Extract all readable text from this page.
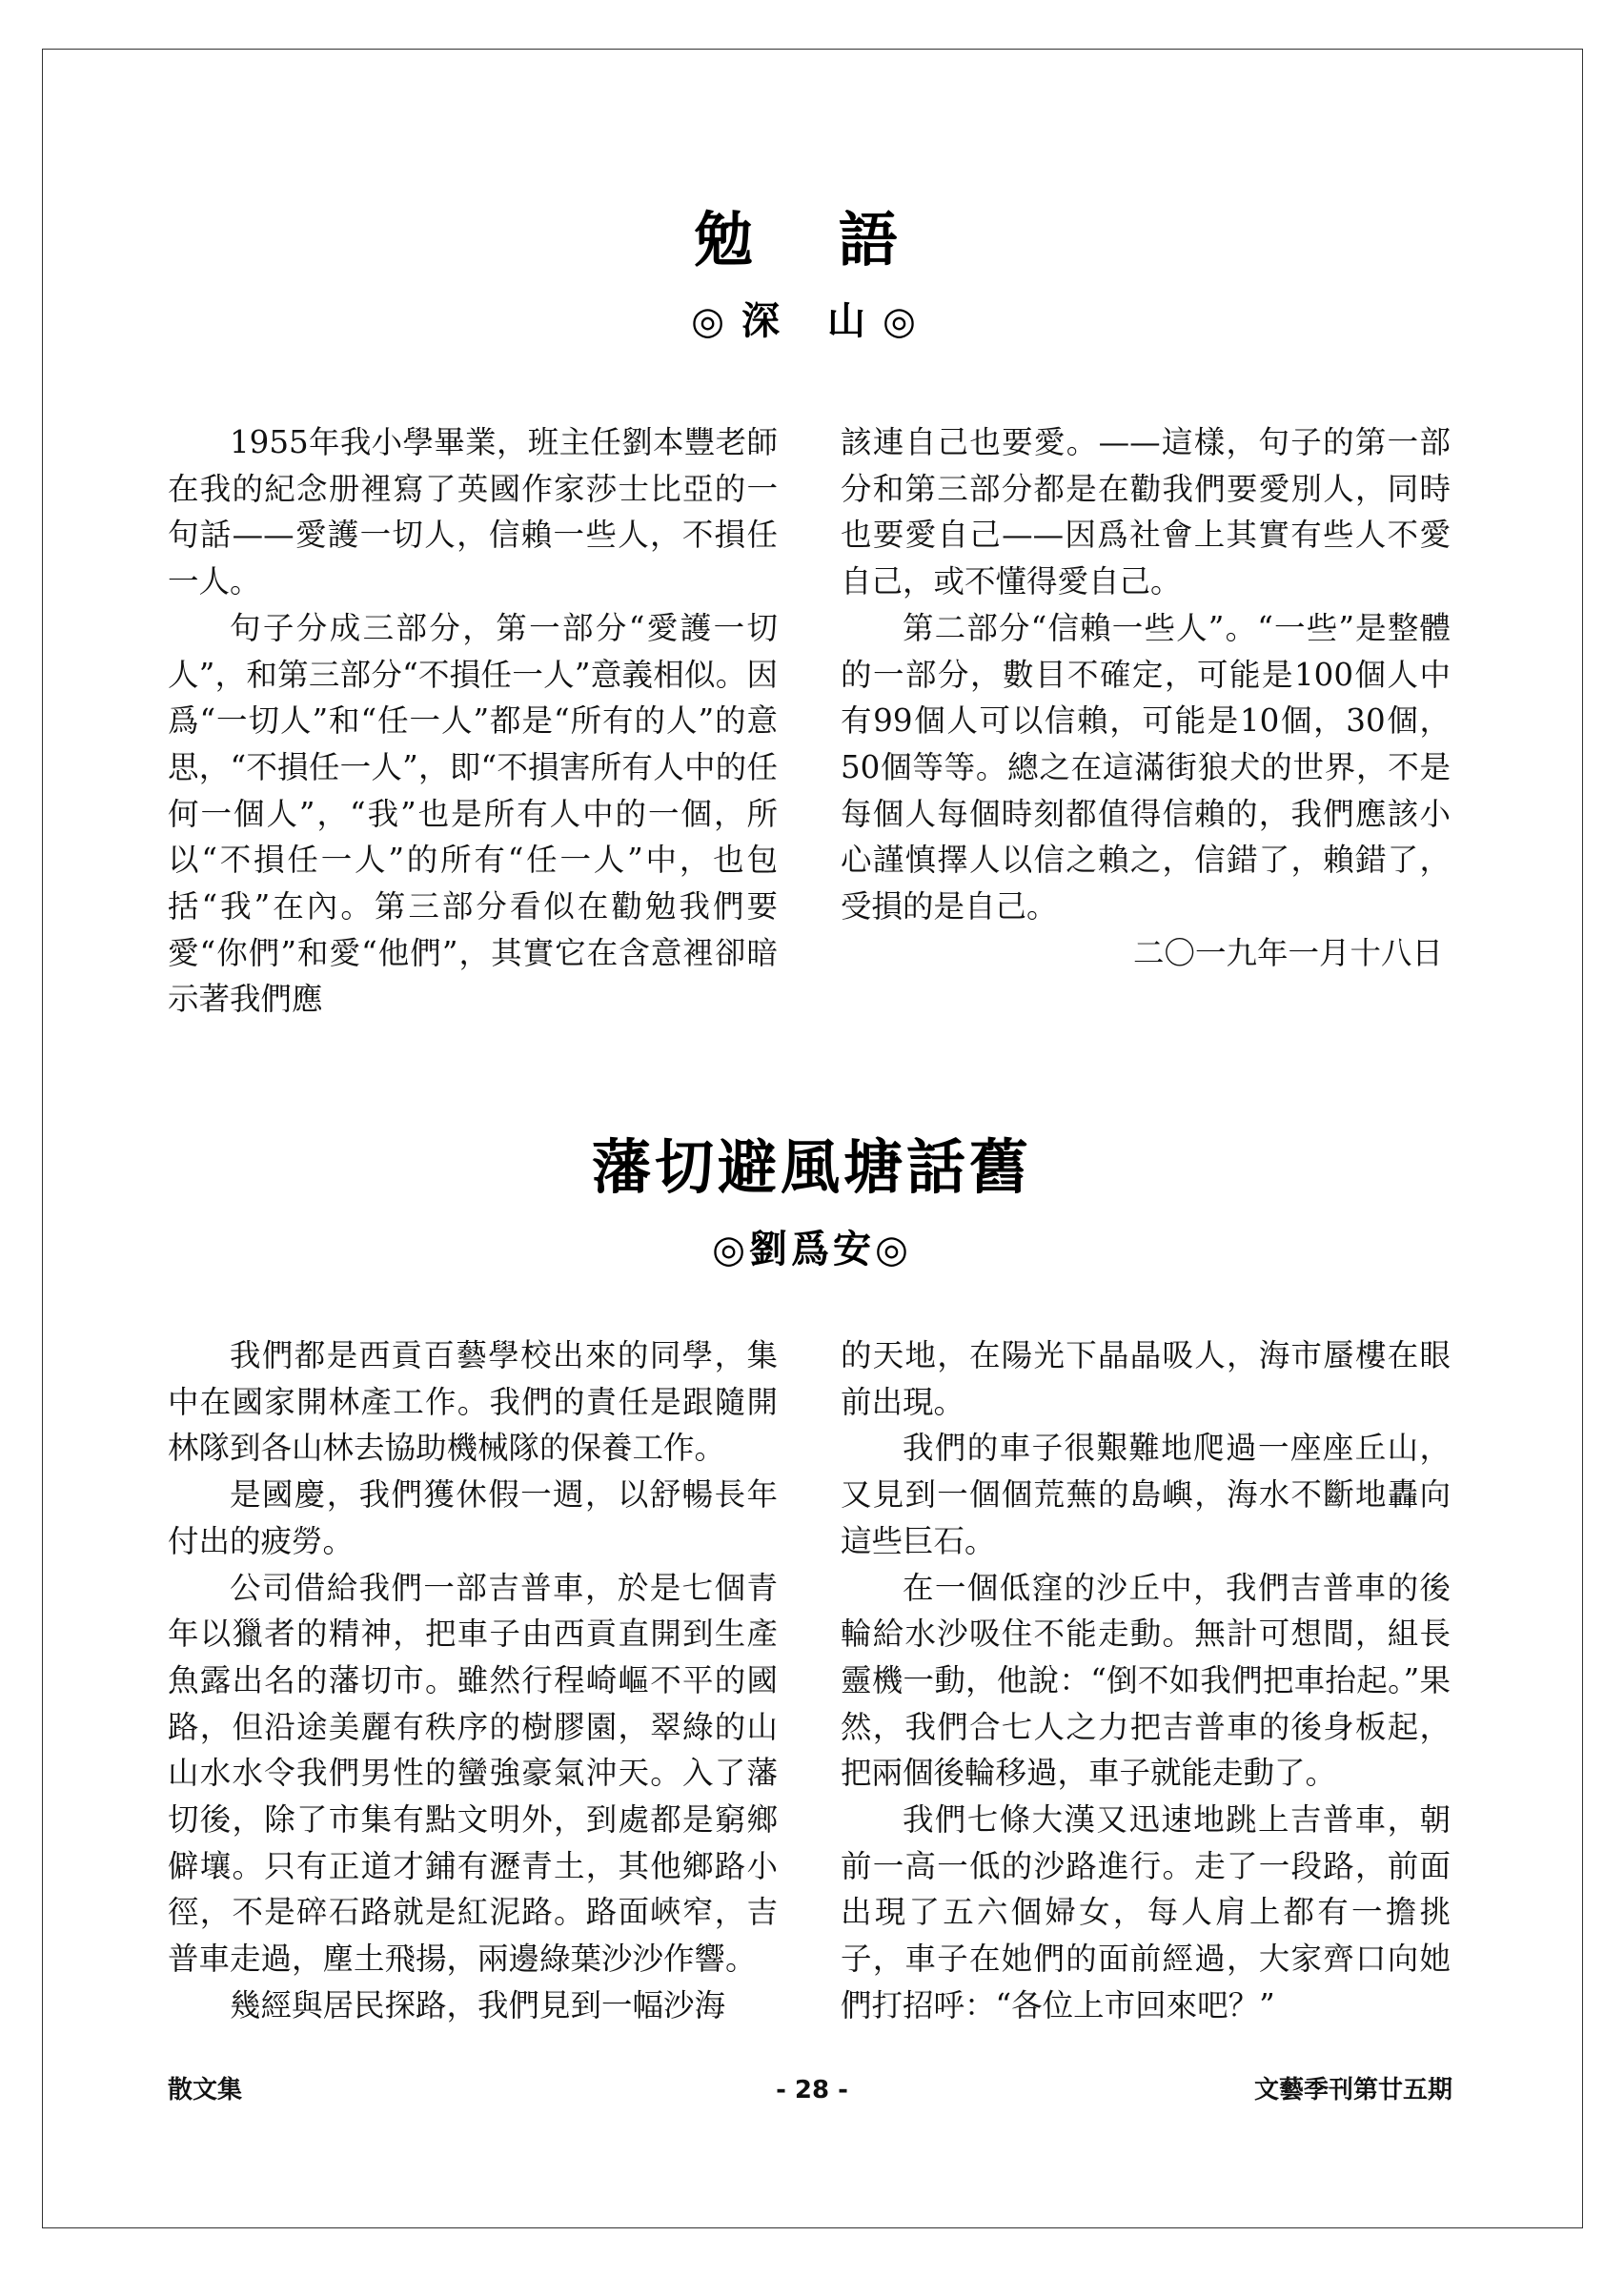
勉 語
◎深 山◎

1955年我小學畢業，班主任劉本豐老師在我的紀念册裡寫了英國作家莎士比亞的一句話——愛護一切人，信賴一些人，不損任一人。

句子分成三部分，第一部分“愛護一切人”，和第三部分“不損任一人”意義相似。因爲“一切人”和“任一人”都是“所有的人”的意思，“不損任一人”，即“不損害所有人中的任何一個人”，“我”也是所有人中的一個，所以“不損任一人”的所有“任一人”中，也包括“我”在內。第三部分看似在勸勉我們要愛“你們”和愛“他們”，其實它在含意裡卻暗示著我們應

該連自己也要愛。——這樣，句子的第一部分和第三部分都是在勸我們要愛別人，同時也要愛自己——因爲社會上其實有些人不愛自己，或不懂得愛自己。

第二部分“信賴一些人”。“一些”是整體的一部分，數目不確定，可能是100個人中有99個人可以信賴，可能是10個，30個，50個等等。總之在這滿街狼犬的世界，不是每個人每個時刻都值得信賴的，我們應該小心謹慎擇人以信之賴之，信錯了，賴錯了，受損的是自己。

二〇一九年一月十八日

藩切避風塘話舊
◎劉爲安◎

我們都是西貢百藝學校出來的同學，集中在國家開林產工作。我們的責任是跟隨開林隊到各山林去協助機械隊的保養工作。

是國慶，我們獲休假一週，以舒暢長年付出的疲勞。

公司借給我們一部吉普車，於是七個青年以獵者的精神，把車子由西貢直開到生產魚露出名的藩切市。雖然行程崎嶇不平的國路，但沿途美麗有秩序的樹膠園，翠綠的山山水水令我們男性的蠻強豪氣沖天。入了藩切後，除了市集有點文明外，到處都是窮鄉僻壤。只有正道才鋪有瀝青土，其他鄉路小徑，不是碎石路就是紅泥路。路面峽窄，吉普車走過，塵土飛揚，兩邊綠葉沙沙作響。

幾經與居民探路，我們見到一幅沙海

的天地，在陽光下晶晶吸人，海市蜃樓在眼前出現。

我們的車子很艱難地爬過一座座丘山，又見到一個個荒蕪的島嶼，海水不斷地轟向這些巨石。

在一個低窪的沙丘中，我們吉普車的後輪給水沙吸住不能走動。無計可想間，組長靈機一動，他說：“倒不如我們把車抬起。”果然，我們合七人之力把吉普車的後身板起，把兩個後輪移過，車子就能走動了。

我們七條大漢又迅速地跳上吉普車，朝前一高一低的沙路進行。走了一段路，前面出現了五六個婦女，每人肩上都有一擔挑子，車子在她們的面前經過，大家齊口向她們打招呼：“各位上市回來吧？”

散文集	- 28 -	文藝季刊第廿五期
